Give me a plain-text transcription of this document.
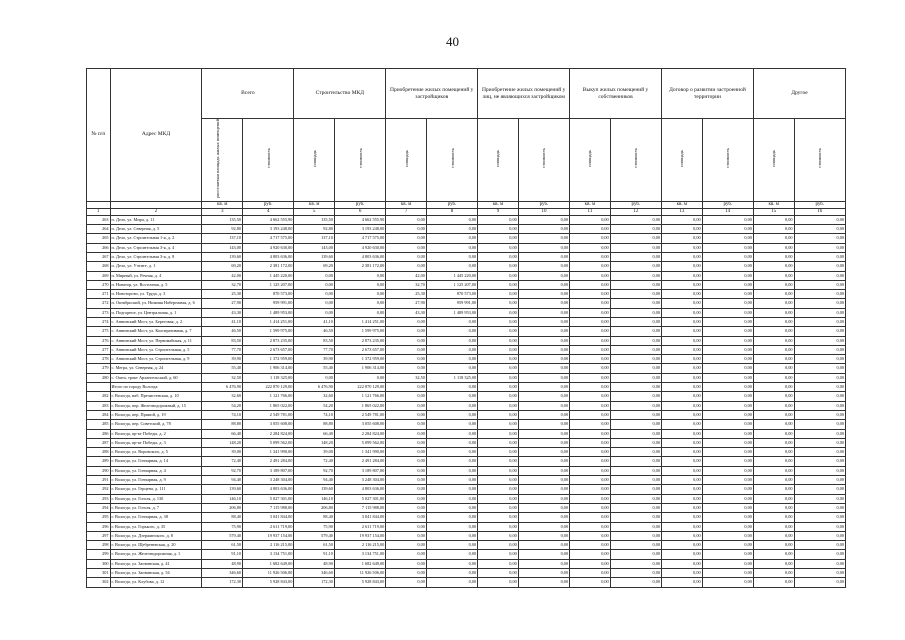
40
№ п/п	Адрес МКД	Всего		Строительство МКД		Приобретение жилых помещений у застройщиков		Приобретение жилых помещений у лиц, не являющихся застройщиком		Выкуп жилых помещений у собственников		Договор о развитии застроенной территории		Другое	
		расселяемая площадь жилых помещений	стоимость	площадь	стоимость	площадь	стоимость	площадь	стоимость	площадь	стоимость	площадь	стоимость	площадь	стоимость
		кв. м	руб.	кв. м	руб.	кв. м	руб.	кв. м	руб.	кв. м	руб.	кв. м	руб.	кв. м	руб.
1	2	3	4	5	6	7	8	9	10	11	12	13	14	15	16
263	п. Дело, ул. Мира, д. 11	135,50	4 662 555,90	135,50	4 662 555,90	0,00	0,00	0,00	0,00	0,00	0,00	0,00	0,00	0,00	0,00
264	п. Дело, ул. Северная, д. 5	92,80	3 193 248,00	92,80	3 193 248,00	0,00	0,00	0,00	0,00	0,00	0,00	0,00	0,00	0,00	0,00
265	п. Дело, ул. Строительная 1-я, д. 2	137,10	4 717 575,00	137,10	4 717 575,00	0,00	0,00	0,00	0,00	0,00	0,00	0,00	0,00	0,00	0,00
266	п. Дело, ул. Строительная 3-я, д. 4	143,00	4 920 630,00	143,00	4 920 630,00	0,00	0,00	0,00	0,00	0,00	0,00	0,00	0,00	0,00	0,00
267	п. Дело, ул. Строительная 3-я, д. 8	139,60	4 803 636,00	139,60	4 803 636,00	0,00	0,00	0,00	0,00	0,00	0,00	0,00	0,00	0,00	0,00
268	п. Дело, ул. Учтите, д. 1	69,20	2 381 172,00	69,20	2 381 172,00	0,00	0,00	0,00	0,00	0,00	0,00	0,00	0,00	0,00	0,00
269	п. Мирный, ул. Речная, д. 4	42,00	1 445 220,00	0,00	0,00	42,00	1 445 220,00	0,00	0,00	0,00	0,00	0,00	0,00	0,00	0,00
270	п. Новатор, ул. Восточная, д. 5	32,70	1 125 207,00	0,00	0,00	32,70	1 125 207,00	0,00	0,00	0,00	0,00	0,00	0,00	0,00	0,00
271	п. Новоторово, ул. Труда, д. 3	25,30	870 573,00	0,00	0,00	25,30	870 573,00	0,00	0,00	0,00	0,00	0,00	0,00	0,00	0,00
272	п. Октябрьский, ул. Нижняя Набережная, д. 6	27,90	959 991,00	0,00	0,00	27,90	959 991,00	0,00	0,00	0,00	0,00	0,00	0,00	0,00	0,00
273	п. Подгорное, ул. Центральная, д. 1	43,30	1 489 953,00	0,00	0,00	43,30	1 489 953,00	0,00	0,00	0,00	0,00	0,00	0,00	0,00	0,00
274	с. Аннинский Мост, ул. Береговая, д. 2	41,10	1 414 251,00	41,10	1 414 251,00	0,00	0,00	0,00	0,00	0,00	0,00	0,00	0,00	0,00	0,00
275	с. Аннинский Мост, ул. Кооперативная, д. 7	46,50	1 599 975,00	46,50	1 599 975,00	0,00	0,00	0,00	0,00	0,00	0,00	0,00	0,00	0,00	0,00
276	с. Аннинский Мост, ул. Первомайская, д. 11	83,50	2 873 235,00	83,50	2 873 235,00	0,00	0,00	0,00	0,00	0,00	0,00	0,00	0,00	0,00	0,00
277	с. Аннинский Мост, ул. Строительная, д. 5	77,70	2 673 657,00	77,70	2 673 657,00	0,00	0,00	0,00	0,00	0,00	0,00	0,00	0,00	0,00	0,00
278	с. Аннинский Мост, ул. Строительная, д. 9	39,90	1 372 959,00	39,90	1 372 959,00	0,00	0,00	0,00	0,00	0,00	0,00	0,00	0,00	0,00	0,00
279	с. Мегра, ул. Северная, д. 24	55,40	1 906 314,00	55,40	1 906 314,00	0,00	0,00	0,00	0,00	0,00	0,00	0,00	0,00	0,00	0,00
280	с. Ошта, тракт Архангельский, д. 60	32,50	1 118 325,00	0,00	0,00	32,50	1 118 325,00	0,00	0,00	0,00	0,00	0,00	0,00	0,00	0,00
	Итого по городу Вологда:	6 476,90	222 870 129,00	6 476,90	222 870 129,00	0,00	0,00	0,00	0,00	0,00	0,00	0,00	0,00	0,00	0,00
282	г. Вологда, наб. Пречистенская, д. 10	32,60	1 121 766,00	32,60	1 121 766,00	0,00	0,00	0,00	0,00	0,00	0,00	0,00	0,00	0,00	0,00
283	г. Вологда, пер. Железнодорожный, д. 15	54,20	1 865 022,00	54,20	1 865 022,00	0,00	0,00	0,00	0,00	0,00	0,00	0,00	0,00	0,00	0,00
284	г. Вологда, пер. Прямой, д. 19	74,10	2 549 781,00	74,10	2 549 781,00	0,00	0,00	0,00	0,00	0,00	0,00	0,00	0,00	0,00	0,00
285	г. Вологда, пер. Советский, д. 78	88,80	3 055 608,00	88,80	3 055 608,00	0,00	0,00	0,00	0,00	0,00	0,00	0,00	0,00	0,00	0,00
286	г. Вологда, пр-кт Победы, д. 2	66,40	2 284 824,00	66,40	2 284 824,00	0,00	0,00	0,00	0,00	0,00	0,00	0,00	0,00	0,00	0,00
287	г. Вологда, пр-кт Победы, д. 3	148,20	5 099 562,00	148,20	5 099 562,00	0,00	0,00	0,00	0,00	0,00	0,00	0,00	0,00	0,00	0,00
288	г. Вологда, ул. Воровского, д. 5	39,00	1 341 990,00	39,00	1 341 990,00	0,00	0,00	0,00	0,00	0,00	0,00	0,00	0,00	0,00	0,00
289	г. Вологда, ул. Гончарная, д. 14	72,40	2 491 284,00	72,40	2 491 284,00	0,00	0,00	0,00	0,00	0,00	0,00	0,00	0,00	0,00	0,00
290	г. Вологда, ул. Гончарная, д. 4	92,70	3 189 807,00	92,70	3 189 807,00	0,00	0,00	0,00	0,00	0,00	0,00	0,00	0,00	0,00	0,00
291	г. Вологда, ул. Гончарная, д. 9	94,40	3 248 304,00	94,40	3 248 304,00	0,00	0,00	0,00	0,00	0,00	0,00	0,00	0,00	0,00	0,00
292	г. Вологда, ул. Герцена, д. 111	139,60	4 803 636,00	139,60	4 803 636,00	0,00	0,00	0,00	0,00	0,00	0,00	0,00	0,00	0,00	0,00
293	г. Вологда, ул. Гоголя, д. 130	146,10	5 027 301,00	146,10	5 027 301,00	0,00	0,00	0,00	0,00	0,00	0,00	0,00	0,00	0,00	0,00
294	г. Вологда, ул. Гоголя, д. 7	206,80	7 115 988,00	206,80	7 115 988,00	0,00	0,00	0,00	0,00	0,00	0,00	0,00	0,00	0,00	0,00
295	г. Вологда, ул. Гончарная, д. 38	88,40	3 041 844,00	88,40	3 041 844,00	0,00	0,00	0,00	0,00	0,00	0,00	0,00	0,00	0,00	0,00
296	г. Вологда, ул. Горького, д. 35	75,90	2 611 719,00	75,90	2 611 719,00	0,00	0,00	0,00	0,00	0,00	0,00	0,00	0,00	0,00	0,00
297	г. Вологда, ул. Дзержинского, д. 8	579,40	19 937 154,00	579,40	19 937 154,00	0,00	0,00	0,00	0,00	0,00	0,00	0,00	0,00	0,00	0,00
298	г. Вологда, ул. Щебреневская, д. 20	61,50	2 116 215,00	61,50	2 116 215,00	0,00	0,00	0,00	0,00	0,00	0,00	0,00	0,00	0,00	0,00
299	г. Вологда, ул. Железнодорожная, д. 1	91,10	3 134 751,00	91,10	3 134 751,00	0,00	0,00	0,00	0,00	0,00	0,00	0,00	0,00	0,00	0,00
300	г. Вологда, ул. Заовинская, д. 41	48,90	1 682 649,00	48,90	1 682 649,00	0,00	0,00	0,00	0,00	0,00	0,00	0,00	0,00	0,00	0,00
301	г. Вологда, ул. Заовинская, д. 54	346,60	11 926 506,00	346,60	11 926 506,00	0,00	0,00	0,00	0,00	0,00	0,00	0,00	0,00	0,00	0,00
302	г. Вологда, ул. Клубова, д. 12	172,30	5 928 843,00	172,30	5 928 843,00	0,00	0,00	0,00	0,00	0,00	0,00	0,00	0,00	0,00	0,00
